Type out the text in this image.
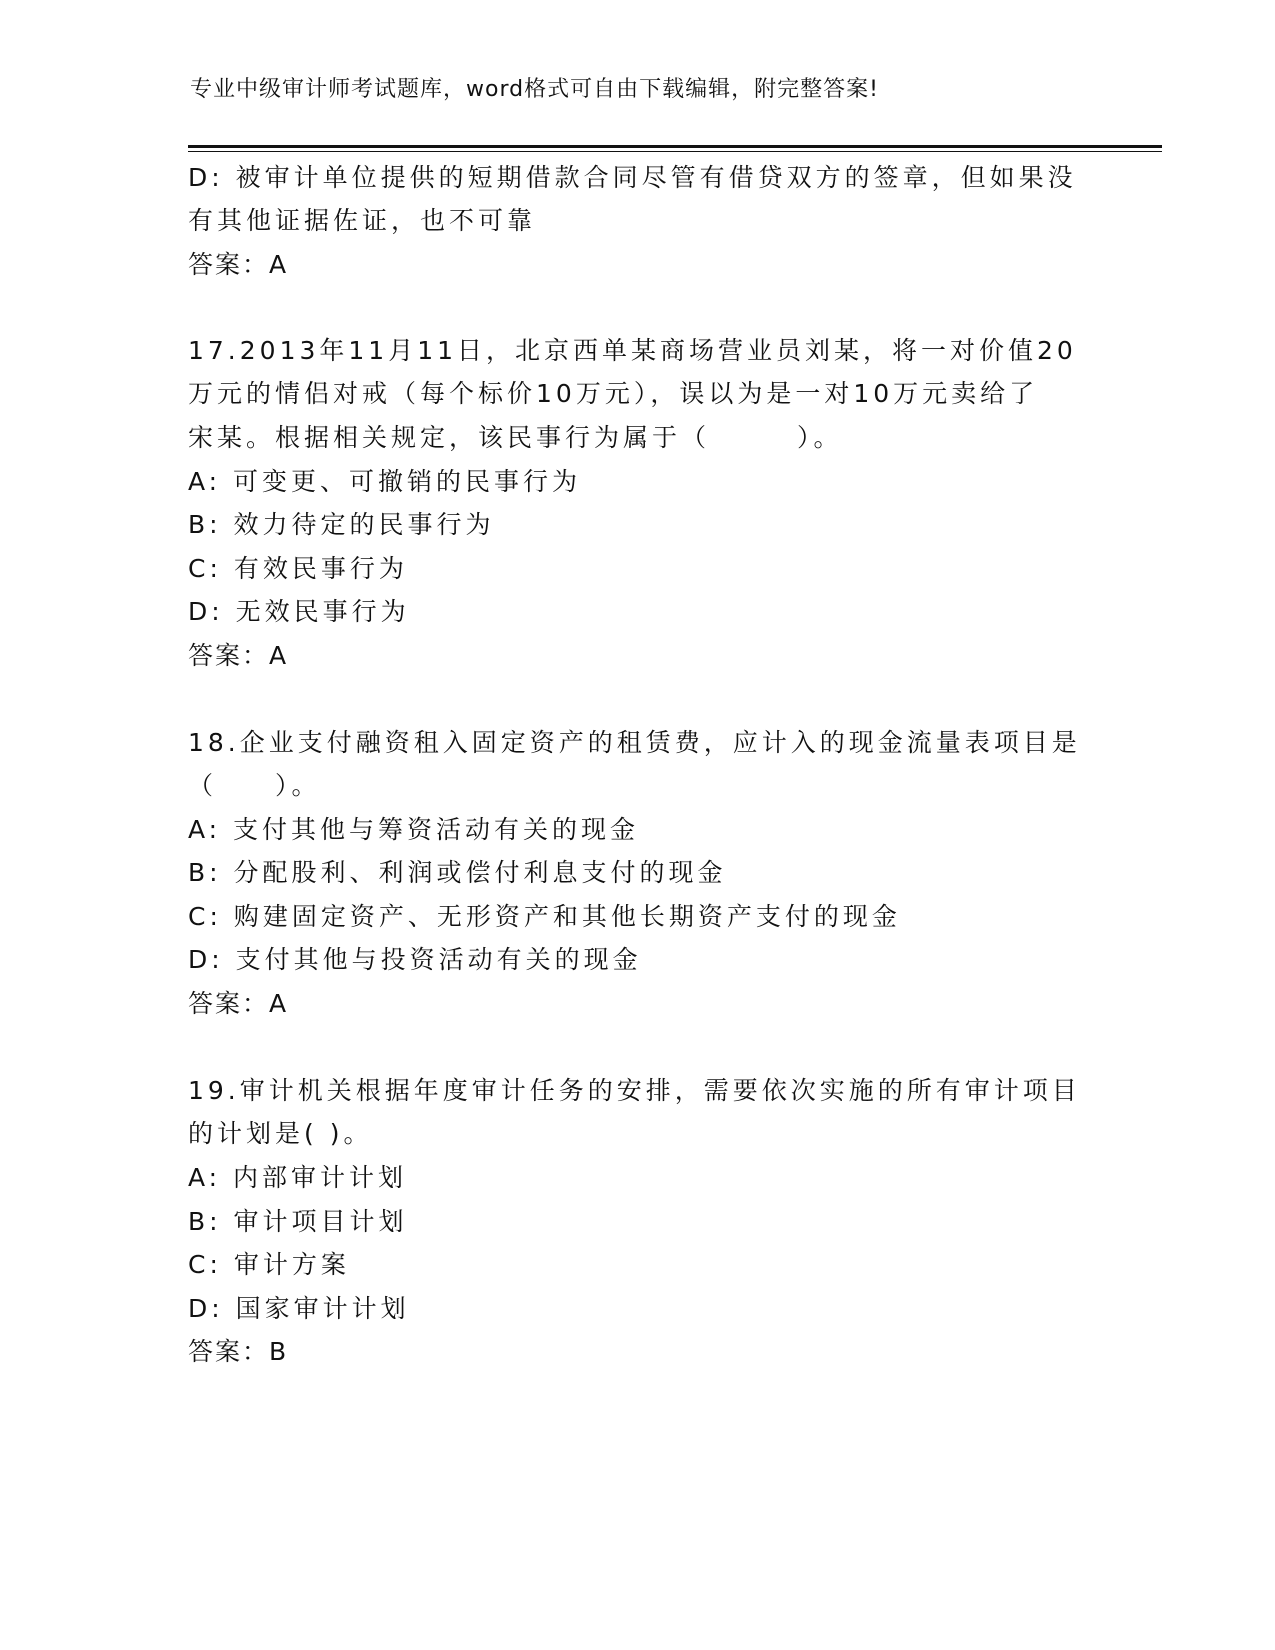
专业中级审计师考试题库，word格式可自由下载编辑，附完整答案!
D: 被审计单位提供的短期借款合同尽管有借贷双方的签章，但如果没
有其他证据佐证，也不可靠
答案：A
17.2013年11月11日，北京西单某商场营业员刘某，将一对价值20
万元的情侣对戒（每个标价10万元），误以为是一对10万元卖给了
宋某。根据相关规定，该民事行为属于（　　　）。
A: 可变更、可撤销的民事行为
B: 效力待定的民事行为
C: 有效民事行为
D: 无效民事行为
答案：A
18.企业支付融资租入固定资产的租赁费，应计入的现金流量表项目是
（　　）。
A: 支付其他与筹资活动有关的现金
B: 分配股利、利润或偿付利息支付的现金
C: 购建固定资产、无形资产和其他长期资产支付的现金
D: 支付其他与投资活动有关的现金
答案：A
19.审计机关根据年度审计任务的安排，需要依次实施的所有审计项目
的计划是( )。
A: 内部审计计划
B: 审计项目计划
C: 审计方案
D: 国家审计计划
答案：B
